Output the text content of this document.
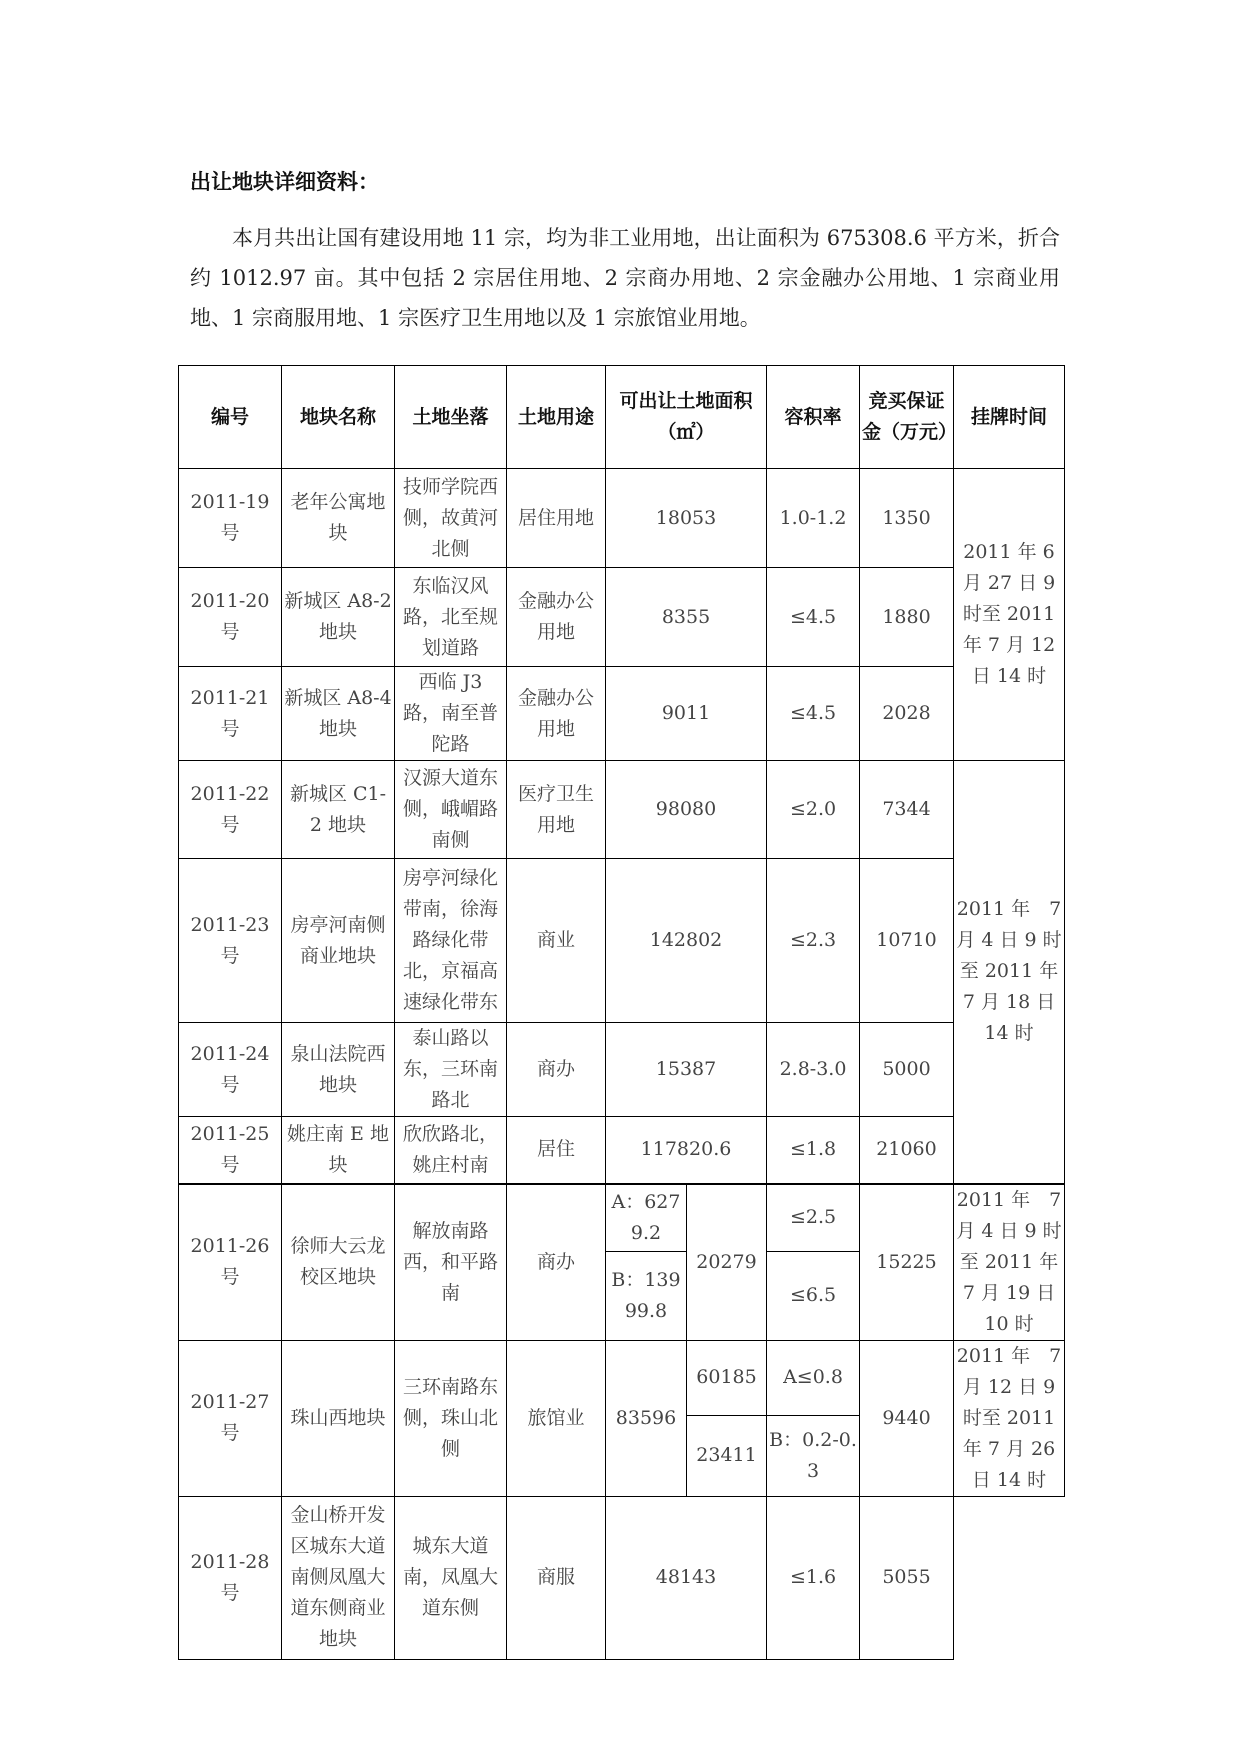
出让地块详细资料：

本月共出让国有建设用地 11 宗，均为非工业用地，出让面积为 675308.6 平方米，折合约 1012.97 亩。其中包括 2 宗居住用地、2 宗商办用地、2 宗金融办公用地、1 宗商业用地、1 宗商服用地、1 宗医疗卫生用地以及 1 宗旅馆业用地。

编号	地块名称	土地坐落	土地用途	可出让土地面积（㎡）		容积率	竞买保证金（万元）	挂牌时间
2011-19 号	老年公寓地块	技师学院西侧，故黄河北侧	居住用地	18053		1.0-1.2	1350	2011 年 6 月 27 日 9 时至 2011 年 7 月 12 日 14 时
2011-20 号	新城区 A8-2 地块	东临汉风路，北至规划道路	金融办公用地	8355		≤4.5	1880	
2011-21 号	新城区 A8-4 地块	西临 J3 路，南至普陀路	金融办公用地	9011		≤4.5	2028	
2011-22 号	新城区 C1-2 地块	汉源大道东侧，峨嵋路南侧	医疗卫生用地	98080		≤2.0	7344	2011 年　7 月 4 日 9 时至 2011 年 7 月 18 日 14 时
2011-23 号	房亭河南侧商业地块	房亭河绿化带南，徐海路绿化带北，京福高速绿化带东	商业	142802		≤2.3	10710	
2011-24 号	泉山法院西地块	泰山路以东，三环南路北	商办	15387		2.8-3.0	5000	
2011-25 号	姚庄南 E 地块	欣欣路北，姚庄村南	居住	117820.6		≤1.8	21060	
2011-26 号	徐师大云龙校区地块	解放南路西，和平路南	商办	A：6279.2	20279	≤2.5	15225	2011 年　7 月 4 日 9 时至 2011 年 7 月 19 日 10 时
				B：13999.8		≤6.5		
2011-27 号	珠山西地块	三环南路东侧，珠山北侧	旅馆业	83596	60185	A≤0.8	9440	2011 年　7 月 12 日 9 时至 2011 年 7 月 26 日 14 时
					23411	B：0.2-0.3		
2011-28 号	金山桥开发区城东大道南侧凤凰大道东侧商业地块	城东大道南，凤凰大道东侧	商服	48143		≤1.6	5055	
